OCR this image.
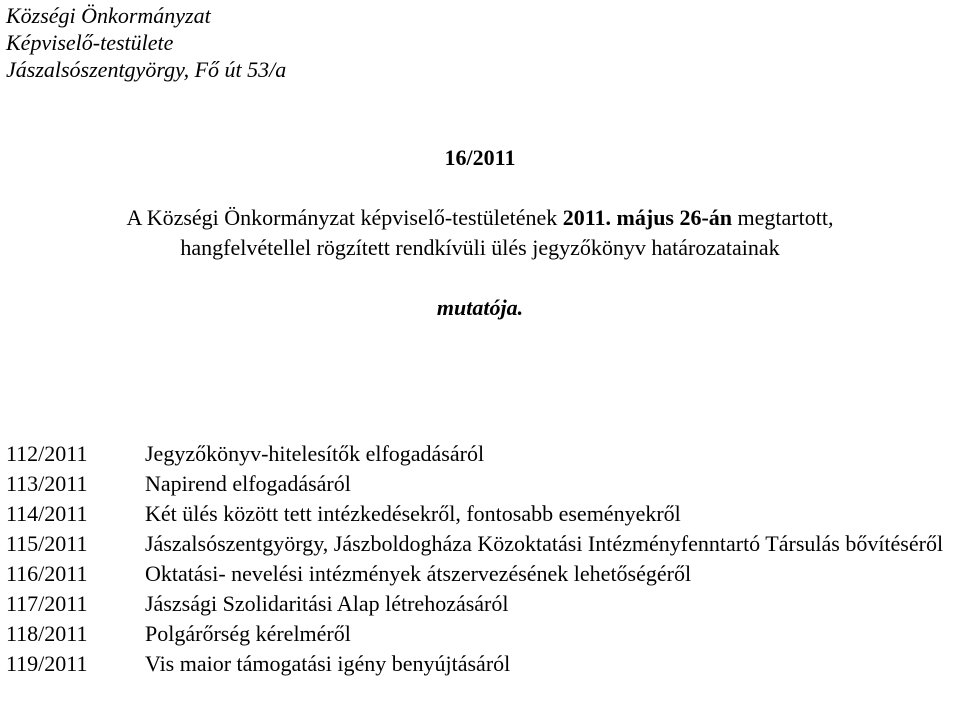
Községi Önkormányzat
Képviselő-testülete
Jászalsószentgyörgy, Fő út 53/a
16/2011
A Községi Önkormányzat képviselő-testületének 2011. május 26-án megtartott,
hangfelvétellel rögzített rendkívüli ülés jegyzőkönyv határozatainak
mutatója.
112/2011	Jegyzőkönyv-hitelesítők elfogadásáról
113/2011	Napirend elfogadásáról
114/2011	Két ülés között tett intézkedésekről, fontosabb eseményekről
115/2011	Jászalsószentgyörgy, Jászboldogháza Közoktatási Intézményfenntartó Társulás bővítéséről
116/2011	Oktatási- nevelési intézmények átszervezésének lehetőségéről
117/2011	Jászsági Szolidaritási Alap létrehozásáról
118/2011	Polgárőrség kérelméről
119/2011	Vis maior támogatási igény benyújtásáról
